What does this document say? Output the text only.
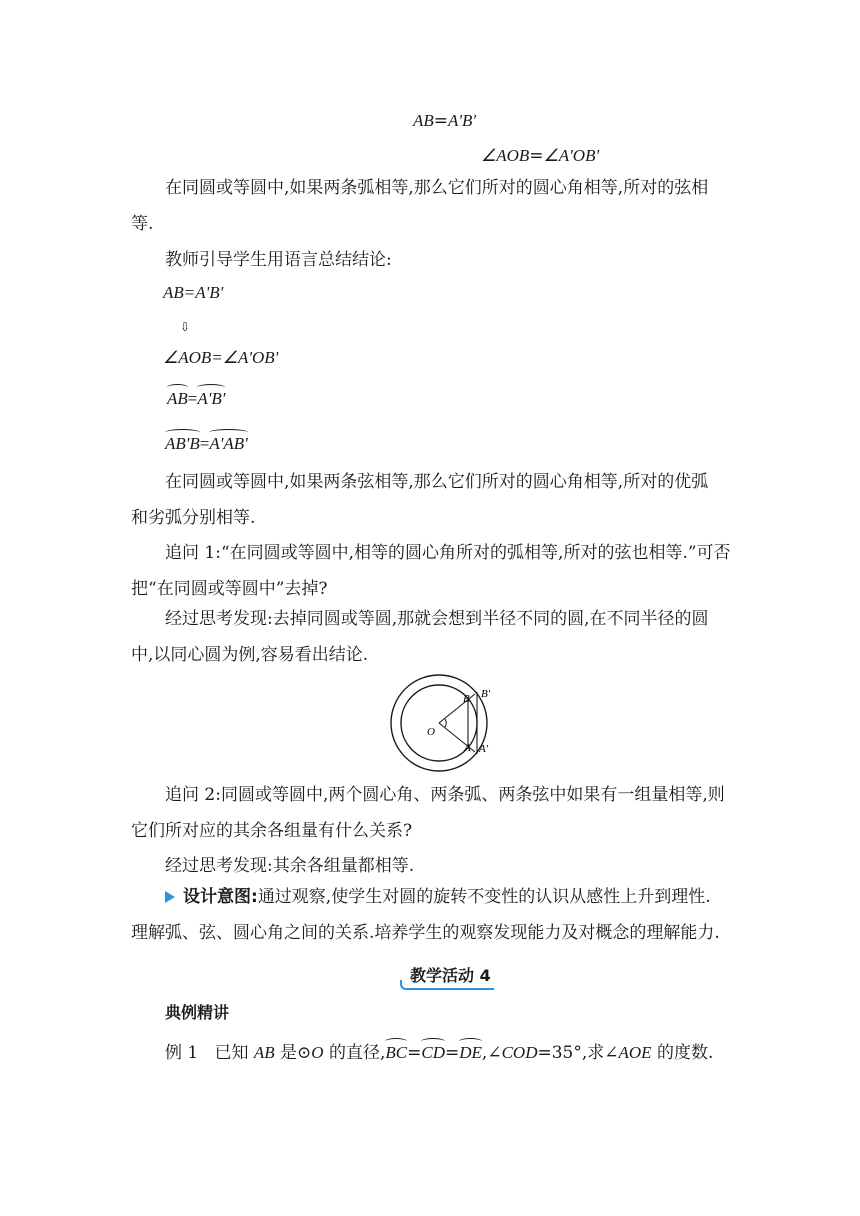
AB=A'B'
∠AOB=∠A'OB'
在同圆或等圆中,如果两条弧相等,那么它们所对的圆心角相等,所对的弦相
等.
教师引导学生用语言总结结论:
AB=A'B'
⇩
∠AOB=∠A'OB'
AB=A'B'
AB'B=A'AB'
在同圆或等圆中,如果两条弦相等,那么它们所对的圆心角相等,所对的优弧
和劣弧分别相等.
追问 1:“在同圆或等圆中,相等的圆心角所对的弧相等,所对的弦也相等.”可否
把“在同圆或等圆中”去掉?
经过思考发现:去掉同圆或等圆,那就会想到半径不同的圆,在不同半径的圆
中,以同心圆为例,容易看出结论.
O
A
B
A'
B'
追问 2:同圆或等圆中,两个圆心角、两条弧、两条弦中如果有一组量相等,则
它们所对应的其余各组量有什么关系?
经过思考发现:其余各组量都相等.
设计意图:通过观察,使学生对圆的旋转不变性的认识从感性上升到理性.
理解弧、弦、圆心角之间的关系.培养学生的观察发现能力及对概念的理解能力.
教学活动 4
典例精讲
例 1 已知 AB 是⊙O 的直径,BC=CD=DE,∠COD=35°,求∠AOE 的度数.
